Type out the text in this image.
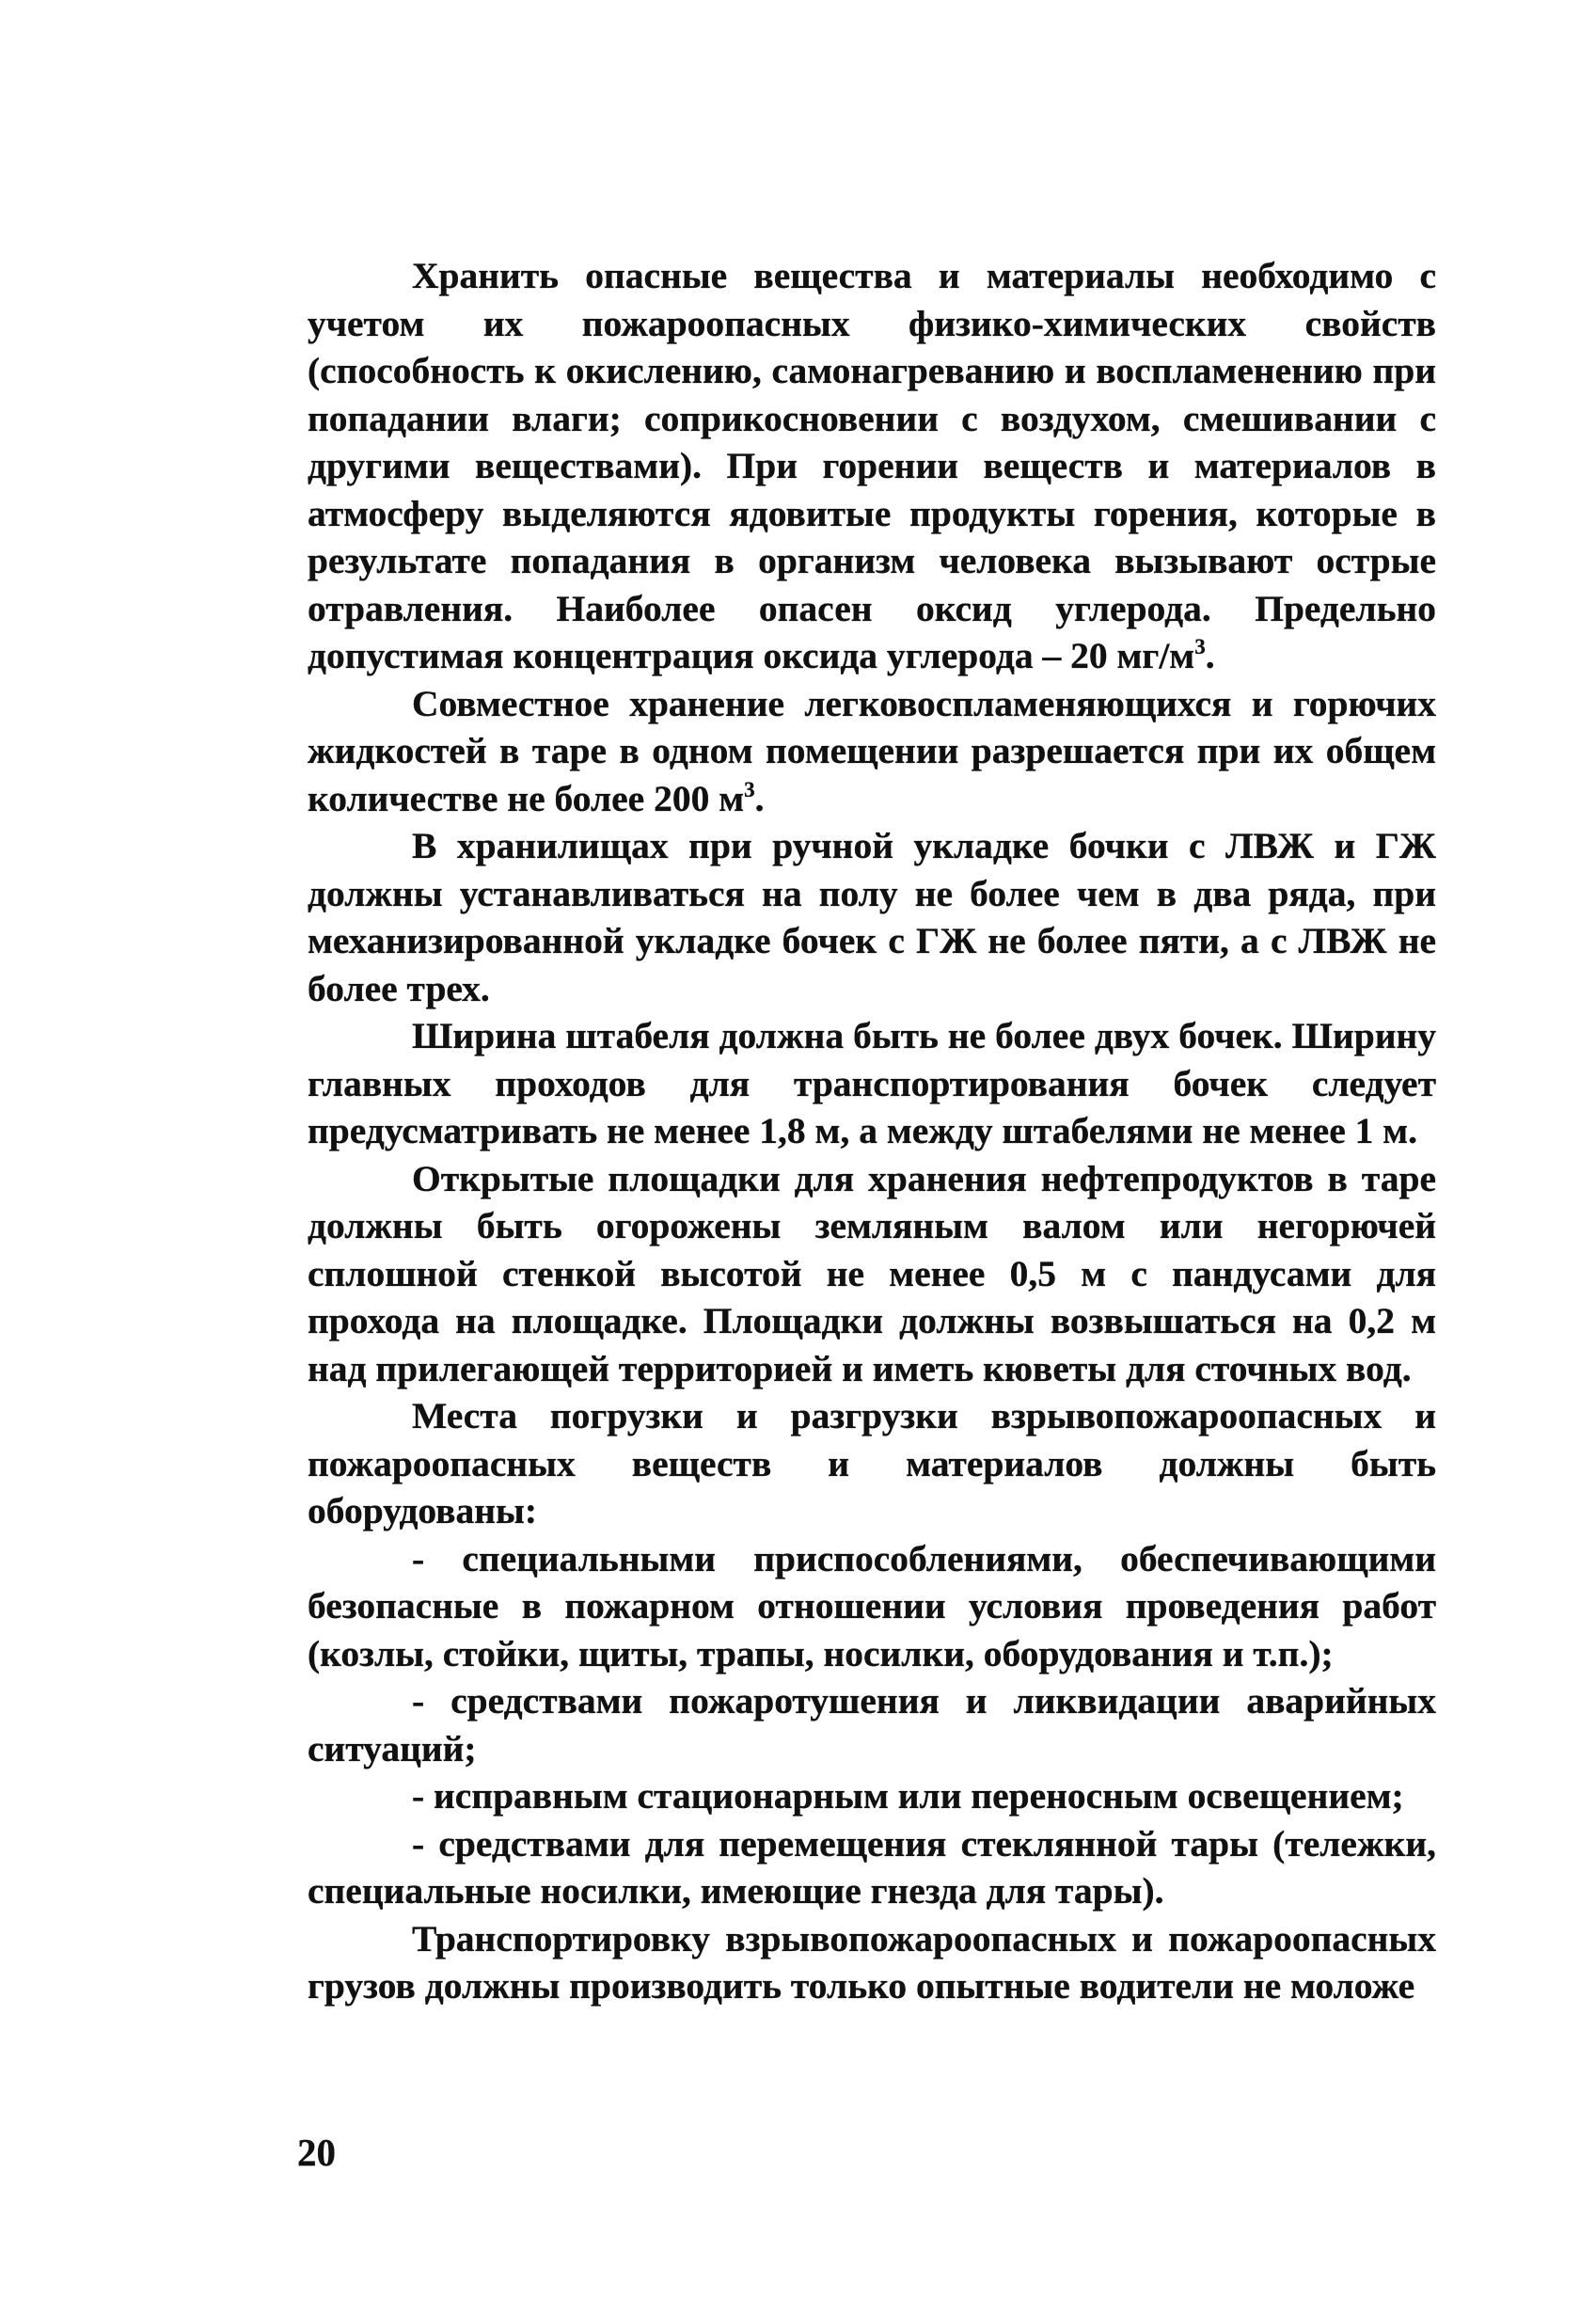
Хранить опасные вещества и материалы необходимо с учетом их пожароопасных физико-химических свойств (способность к окислению, самонагреванию и воспламенению при попадании влаги; соприкосновении с воздухом, смешивании с другими веществами). При горении веществ и материалов в атмосферу выделяются ядовитые продукты горения, которые в результате попадания в организм человека вызывают острые отравления. Наиболее опасен оксид углерода. Предельно допустимая концентрация оксида углерода – 20 $мг/м^3$.

Совместное хранение легковоспламеняющихся и горючих жидкостей в таре в одном помещении разрешается при их общем количестве не более 200 $м^3$.

В хранилищах при ручной укладке бочки с ЛВЖ и ГЖ должны устанавливаться на полу не более чем в два ряда, при механизированной укладке бочек с ГЖ не более пяти, а с ЛВЖ не более трех.

Ширина штабеля должна быть не более двух бочек. Ширину главных проходов для транспортирования бочек следует предусматривать не менее 1,8 м, а между штабелями не менее 1 м.

Открытые площадки для хранения нефтепродуктов в таре должны быть огорожены земляным валом или негорючей сплошной стенкой высотой не менее 0,5 м с пандусами для прохода на площадке. Площадки должны возвышаться на 0,2 м над прилегающей территорией и иметь кюветы для сточных вод.

Места погрузки и разгрузки взрывопожароопасных и пожароопасных веществ и материалов должны быть оборудованы:

- специальными приспособлениями, обеспечивающими безопасные в пожарном отношении условия проведения работ (козлы, стойки, щиты, трапы, носилки, оборудования и т.п.);

- средствами пожаротушения и ликвидации аварийных ситуаций;

- исправным стационарным или переносным освещением;

- средствами для перемещения стеклянной тары (тележки, специальные носилки, имеющие гнезда для тары).

Транспортировку взрывопожароопасных и пожароопасных грузов должны производить только опытные водители не моложе

20
